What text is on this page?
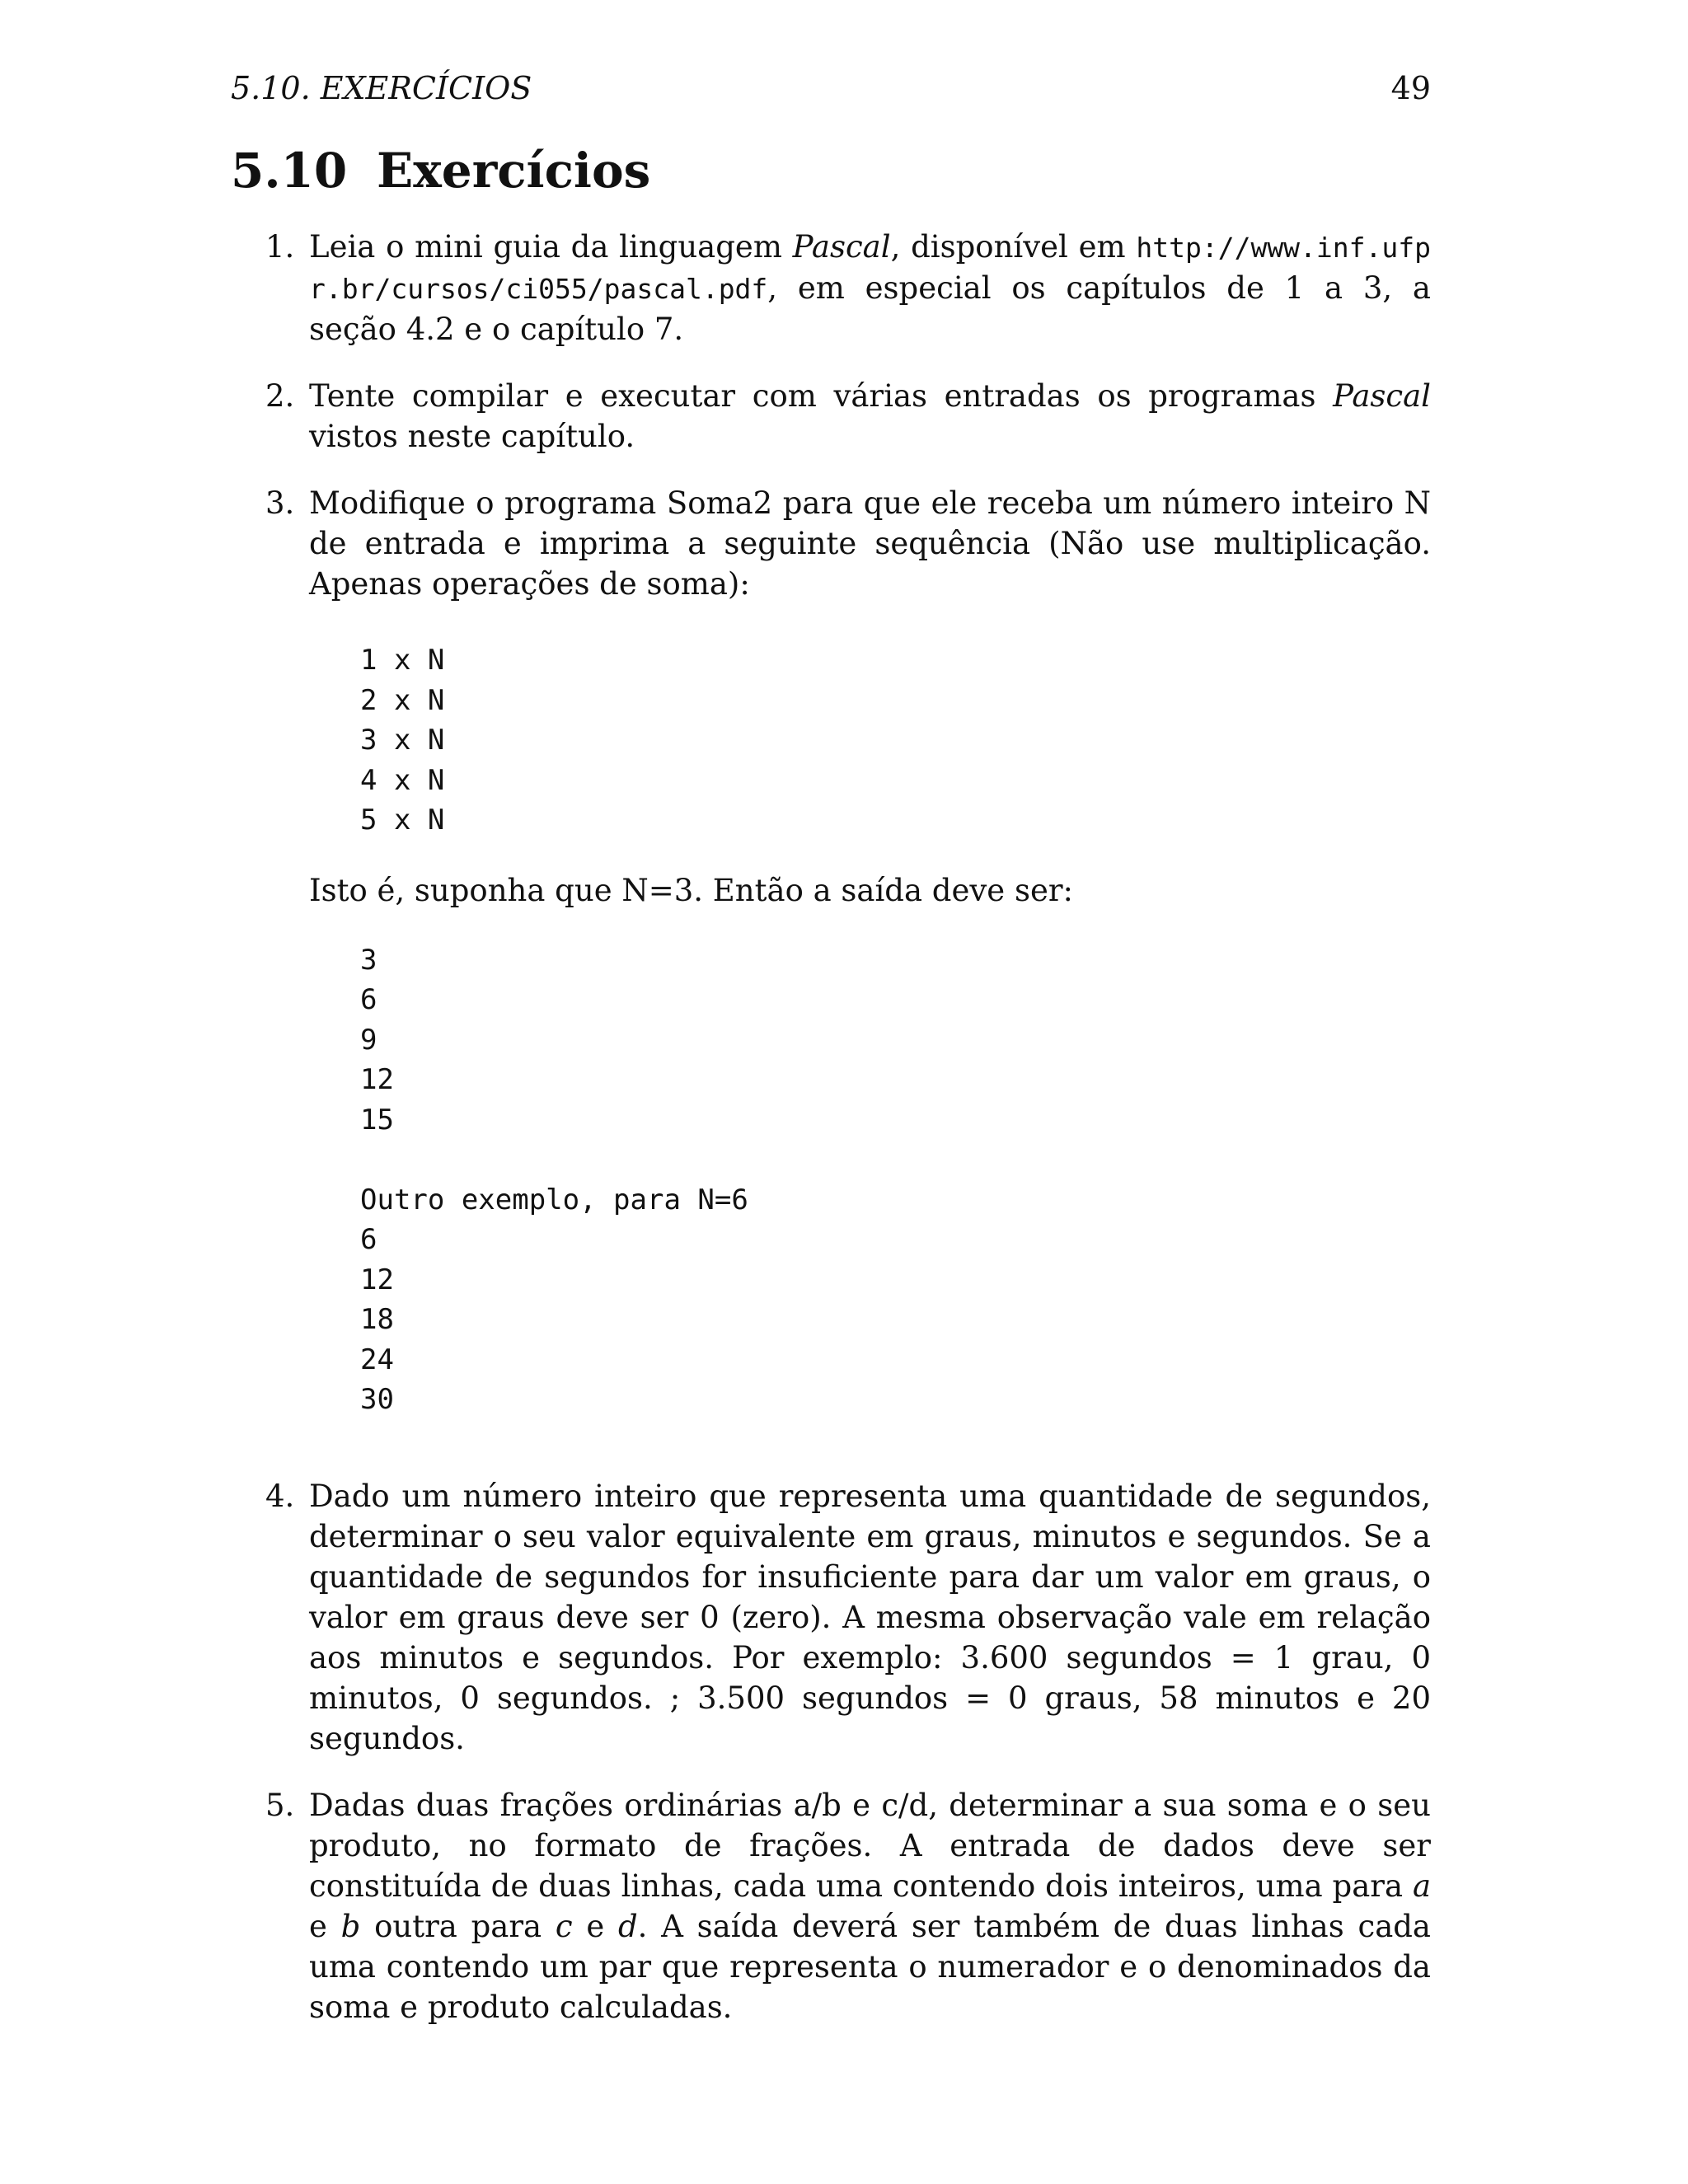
5.10. EXERCÍCIOS	49
5.10 Exercícios
1. Leia o mini guia da linguagem Pascal, disponível em http://www.inf.ufpr.br/cursos/ci055/pascal.pdf, em especial os capítulos de 1 a 3, a seção 4.2 e o capítulo 7.

2. Tente compilar e executar com várias entradas os programas Pascal vistos neste capítulo.

3. Modifique o programa Soma2 para que ele receba um número inteiro N de entrada e imprima a seguinte sequência (Não use multiplicação. Apenas operações de soma):

1 x N
2 x N
3 x N
4 x N
5 x N

Isto é, suponha que N=3. Então a saída deve ser:

3
6
9
12
15

Outro exemplo, para N=6
6
12
18
24
30
4. Dado um número inteiro que representa uma quantidade de segundos, determinar o seu valor equivalente em graus, minutos e segundos. Se a quantidade de segundos for insuficiente para dar um valor em graus, o valor em graus deve ser 0 (zero). A mesma observação vale em relação aos minutos e segundos. Por exemplo: 3.600 segundos = 1 grau, 0 minutos, 0 segundos. ; 3.500 segundos = 0 graus, 58 minutos e 20 segundos.

5. Dadas duas frações ordinárias a/b e c/d, determinar a sua soma e o seu produto, no formato de frações. A entrada de dados deve ser constituída de duas linhas, cada uma contendo dois inteiros, uma para a e b outra para c e d. A saída deverá ser também de duas linhas cada uma contendo um par que representa o numerador e o denominados da soma e produto calculadas.
